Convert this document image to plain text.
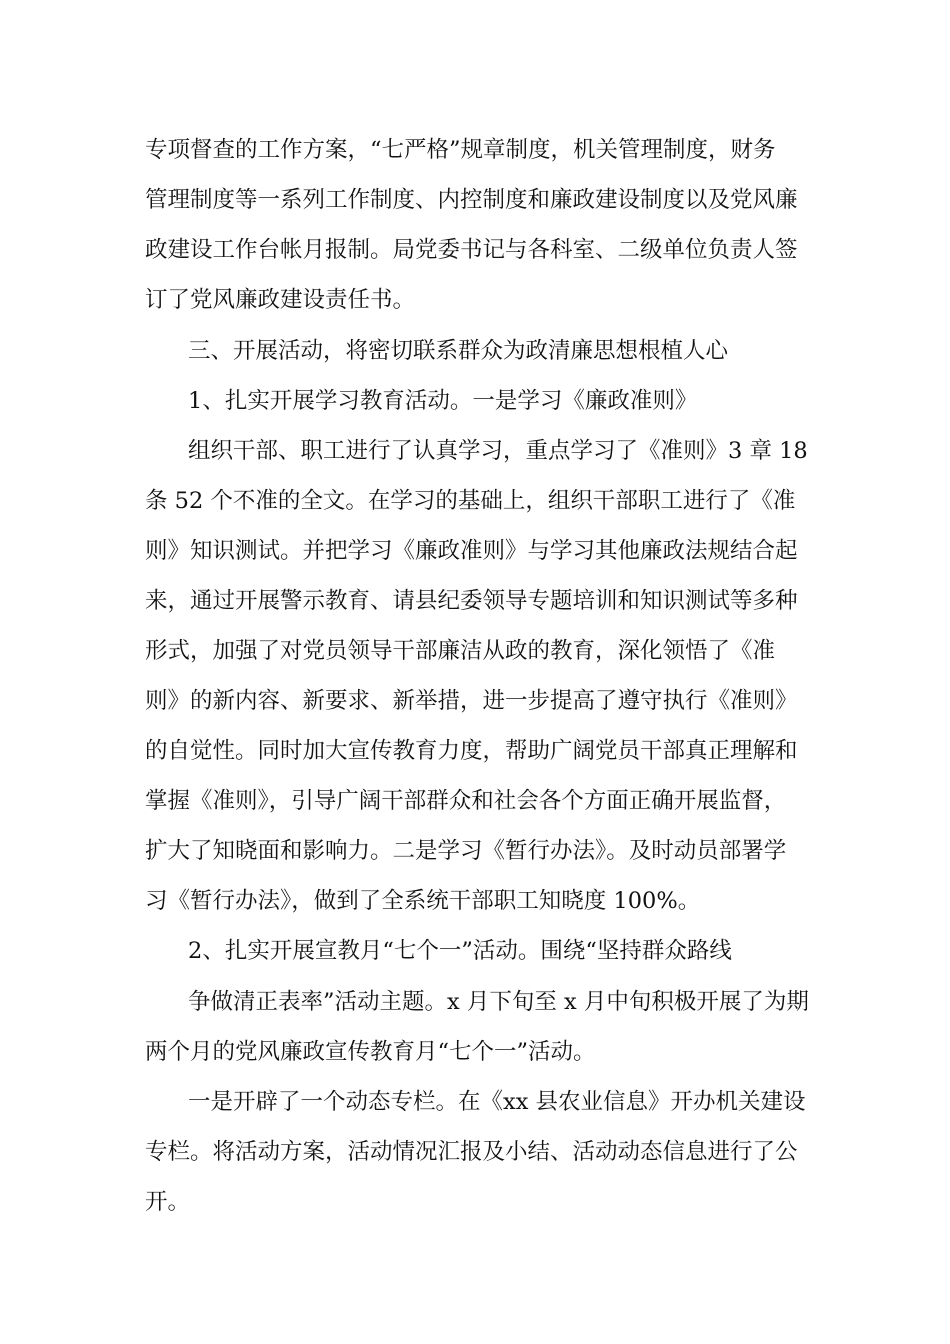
专项督查的工作方案，“七严格”规章制度，机关管理制度，财务
管理制度等一系列工作制度、内控制度和廉政建设制度以及党风廉
政建设工作台帐月报制。局党委书记与各科室、二级单位负责人签
订了党风廉政建设责任书。
三、开展活动，将密切联系群众为政清廉思想根植人心
1、扎实开展学习教育活动。一是学习《廉政准则》
组织干部、职工进行了认真学习，重点学习了《准则》3 章 18
条 52 个不准的全文。在学习的基础上，组织干部职工进行了《准
则》知识测试。并把学习《廉政准则》与学习其他廉政法规结合起
来，通过开展警示教育、请县纪委领导专题培训和知识测试等多种
形式，加强了对党员领导干部廉洁从政的教育，深化领悟了《准
则》的新内容、新要求、新举措，进一步提高了遵守执行《准则》
的自觉性。同时加大宣传教育力度，帮助广阔党员干部真正理解和
掌握《准则》，引导广阔干部群众和社会各个方面正确开展监督，
扩大了知晓面和影响力。二是学习《暂行办法》。及时动员部署学
习《暂行办法》，做到了全系统干部职工知晓度 100%。
2、扎实开展宣教月“七个一”活动。围绕“坚持群众路线
争做清正表率”活动主题。x 月下旬至 x 月中旬积极开展了为期
两个月的党风廉政宣传教育月“七个一”活动。
一是开辟了一个动态专栏。在《xx 县农业信息》开办机关建设
专栏。将活动方案，活动情况汇报及小结、活动动态信息进行了公
开。
